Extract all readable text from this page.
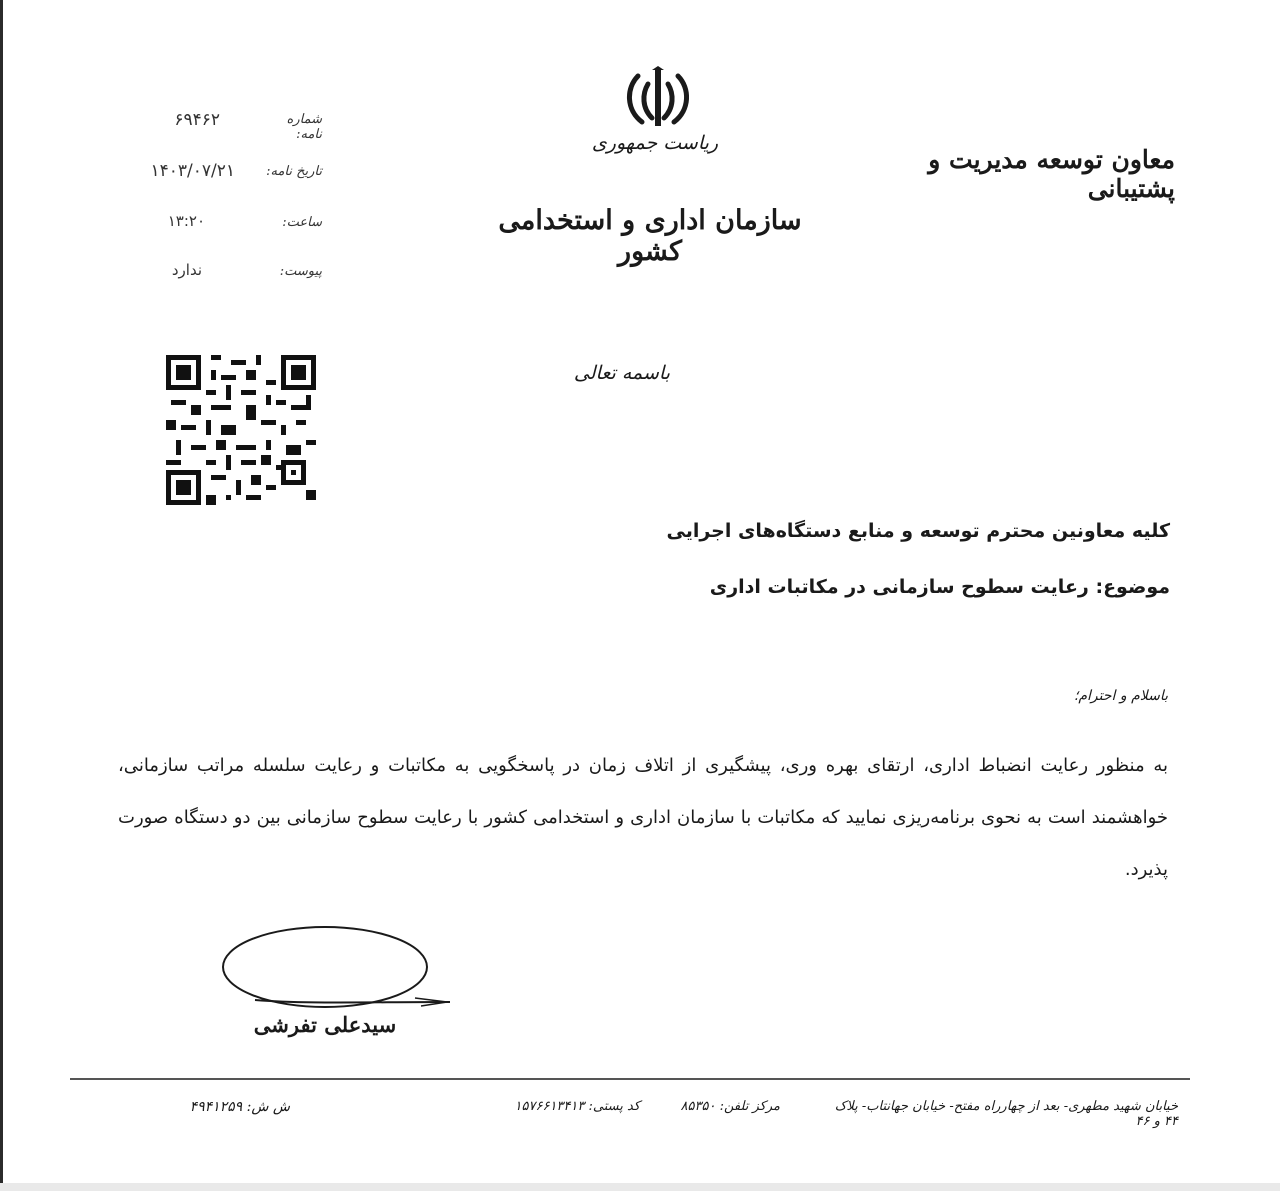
شماره نامه:
۶۹۴۶۲
تاریخ نامه:
۱۴۰۳/۰۷/۲۱
ساعت:
۱۳:۲۰
پیوست:
ندارد
ریاست جمهوری
سازمان اداری و استخدامی کشور
معاون توسعه مدیریت و پشتیبانی
باسمه تعالی
کلیه معاونین محترم توسعه و منابع دستگاه‌های اجرایی
موضوع: رعایت سطوح سازمانی در مکاتبات اداری
باسلام و احترام؛
به منظور رعایت انضباط اداری، ارتقای بهره وری، پیشگیری از اتلاف زمان در پاسخگویی به مکاتبات و رعایت سلسله مراتب سازمانی، خواهشمند است به نحوی برنامه‌ریزی نمایید که مکاتبات با سازمان اداری و استخدامی کشور با رعایت سطوح سازمانی بین دو دستگاه صورت پذیرد.
سیدعلی تفرشی
خیابان شهید مطهری- بعد از چهارراه مفتح- خیابان جهانتاب- پلاک ۴۴ و ۴۶
مرکز تلفن: ۸۵۳۵۰
کد پستی: ۱۵۷۶۶۱۳۴۱۳
ش ش: ۴۹۴۱۲۵۹
